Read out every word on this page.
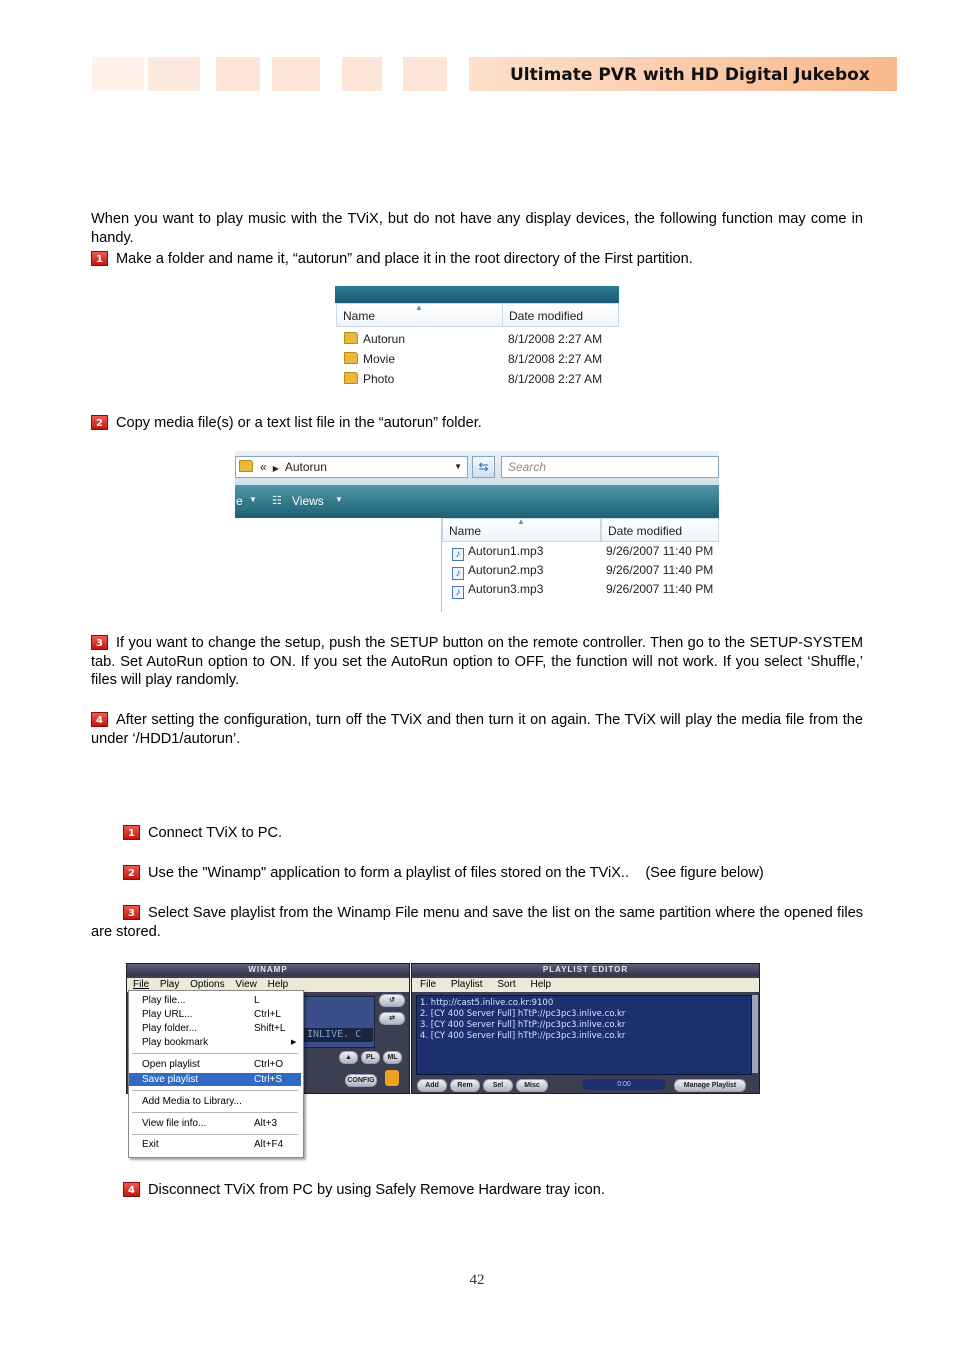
Ultimate PVR with HD Digital Jukebox
When you want to play music with the TViX, but do not have any display devices, the following function may come in handy.
1 Make a folder and name it, “autorun” and place it in the root directory of the First partition.
Name	Date modified
▲
Autorun	8/1/2008 2:27 AM
Movie	8/1/2008 2:27 AM
Photo	8/1/2008 2:27 AM
2 Copy media file(s) or a text list file in the “autorun” folder.
« ▶ Autorun	▼	⇆	Search
e ▼ ☷ Views ▼
Name	Date modified
▲
♪ Autorun1.mp3	9/26/2007 11:40 PM
♪ Autorun2.mp3	9/26/2007 11:40 PM
♪ Autorun3.mp3	9/26/2007 11:40 PM
3 If you want to change the setup, push the SETUP button on the remote controller. Then go to the SETUP-SYSTEM tab. Set AutoRun option to ON. If you set the AutoRun option to OFF, the function will not work. If you select ‘Shuffle,’ files will play randomly.
4 After setting the configuration, turn off the TViX and then turn it on again. The TViX will play the media file from the under ‘/HDD1/autorun’.
1 Connect TViX to PC.
2 Use the "Winamp" application to form a playlist of files stored on the TViX..    (See figure below)
3 Select Save playlist from the Winamp File menu and save the list on the same partition where the opened files are stored.
WINAMP
File Play Options View Help
INLIVE. C
↺
⇄
▲	PL	ML
CONFIG
Play file...	L
Play URL...	Ctrl+L
Play folder...	Shift+L
Play bookmark	▶
Open playlist	Ctrl+O
Save playlist	Ctrl+S
Add Media to Library...
View file info...	Alt+3
Exit	Alt+F4
PLAYLIST EDITOR
File Playlist Sort Help
1. http://cast5.inlive.co.kr:9100
2. [CY 400 Server Full] hTtP://pc3pc3.inlive.co.kr
3. [CY 400 Server Full] hTtP://pc3pc3.inlive.co.kr
4. [CY 400 Server Full] hTtP://pc3pc3.inlive.co.kr
Add	Rem	Sel	Misc	0:00	Manage Playlist
4 Disconnect TViX from PC by using Safely Remove Hardware tray icon.
42
